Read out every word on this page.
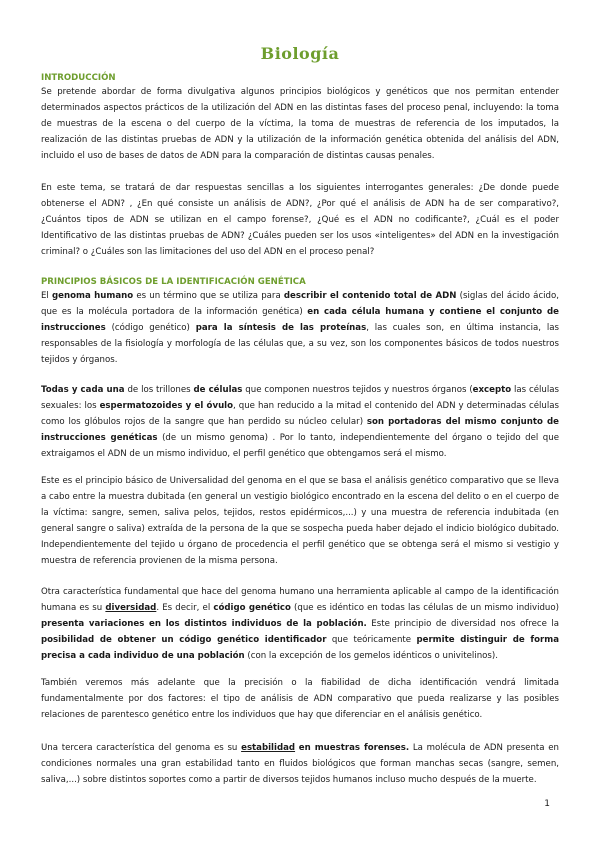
Biología
INTRODUCCIÓN

Se pretende abordar de forma divulgativa algunos principios biológicos y genéticos que nos permitan entender determinados aspectos prácticos de la utilización del ADN en las distintas fases del proceso penal, incluyendo: la toma de muestras de la escena o del cuerpo de la víctima, la toma de muestras de referencia de los imputados, la realización de las distintas pruebas de ADN y la utilización de la información genética obtenida del análisis del ADN, incluido el uso de bases de datos de ADN para la comparación de distintas causas penales.

En este tema, se tratará de dar respuestas sencillas a los siguientes interrogantes generales: ¿De donde puede obtenerse el ADN? , ¿En qué consiste un análisis de ADN?, ¿Por qué el análisis de ADN ha de ser comparativo?, ¿Cuántos tipos de ADN se utilizan en el campo forense?, ¿Qué es el ADN no codificante?, ¿Cuál es el poder Identificativo de las distintas pruebas de ADN? ¿Cuáles pueden ser los usos «inteligentes» del ADN en la investigación criminal? o ¿Cuáles son las limitaciones del uso del ADN en el proceso penal?

PRINCIPIOS BÁSICOS DE LA IDENTIFICACIÓN GENÉTICA

El genoma humano es un término que se utiliza para describir el contenido total de ADN (siglas del ácido ácido, que es la molécula portadora de la información genética) en cada célula humana y contiene el conjunto de instrucciones (código genético) para la síntesis de las proteínas, las cuales son, en última instancia, las responsables de la fisiología y morfología de las células que, a su vez, son los componentes básicos de todos nuestros tejidos y órganos.

Todas y cada una de los trillones de células que componen nuestros tejidos y nuestros órganos (excepto las células sexuales: los espermatozoides y el óvulo, que han reducido a la mitad el contenido del ADN y determinadas células como los glóbulos rojos de la sangre que han perdido su núcleo celular) son portadoras del mismo conjunto de instrucciones genéticas (de un mismo genoma) . Por lo tanto, independientemente del órgano o tejido del que extraigamos el ADN de un mismo individuo, el perfil genético que obtengamos será el mismo.

Este es el principio básico de Universalidad del genoma en el que se basa el análisis genético comparativo que se lleva a cabo entre la muestra dubitada (en general un vestigio biológico encontrado en la escena del delito o en el cuerpo de la víctima: sangre, semen, saliva pelos, tejidos, restos epidérmicos,...) y una muestra de referencia indubitada (en general sangre o saliva) extraída de la persona de la que se sospecha pueda haber dejado el indicio biológico dubitado. Independientemente del tejido u órgano de procedencia el perfil genético que se obtenga será el mismo si vestigio y muestra de referencia provienen de la misma persona.

Otra característica fundamental que hace del genoma humano una herramienta aplicable al campo de la identificación humana es su diversidad. Es decir, el código genético (que es idéntico en todas las células de un mismo individuo) presenta variaciones en los distintos individuos de la población. Este principio de diversidad nos ofrece la posibilidad de obtener un código genético identificador que teóricamente permite distinguir de forma precisa a cada individuo de una población (con la excepción de los gemelos idénticos o univitelinos).

También veremos más adelante que la precisión o la fiabilidad de dicha identificación vendrá limitada fundamentalmente por dos factores: el tipo de análisis de ADN comparativo que pueda realizarse y las posibles relaciones de parentesco genético entre los individuos que hay que diferenciar en el análisis genético.

Una tercera característica del genoma es su estabilidad en muestras forenses. La molécula de ADN presenta en condiciones normales una gran estabilidad tanto en fluidos biológicos que forman manchas secas (sangre, semen, saliva,...) sobre distintos soportes como a partir de diversos tejidos humanos incluso mucho después de la muerte.

1
